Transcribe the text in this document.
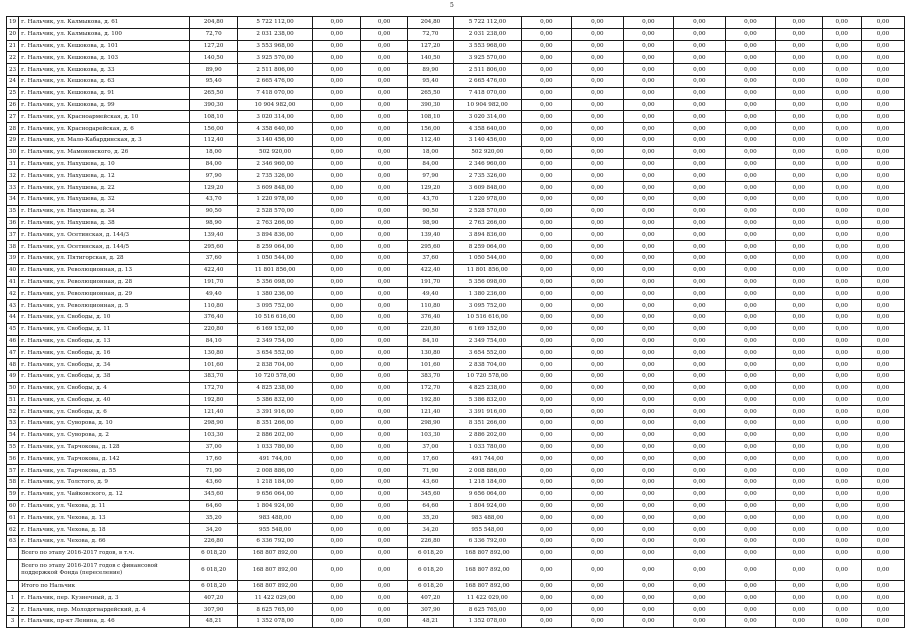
5
19	г. Нальчик, ул. Калмыкова, д. 61	204,80	5 722 112,00	0,00	0,00	204,80	5 722 112,00	0,00	0,00	0,00	0,00	0,00	0,00	0,00	0,00
20	г. Нальчик, ул. Калмыкова, д. 100	72,70	2 031 238,00	0,00	0,00	72,70	2 031 238,00	0,00	0,00	0,00	0,00	0,00	0,00	0,00	0,00
21	г. Нальчик, ул. Кешокова, д. 101	127,20	3 553 968,00	0,00	0,00	127,20	3 553 968,00	0,00	0,00	0,00	0,00	0,00	0,00	0,00	0,00
22	г. Нальчик, ул. Кешокова, д. 103	140,50	3 925 570,00	0,00	0,00	140,50	3 925 570,00	0,00	0,00	0,00	0,00	0,00	0,00	0,00	0,00
23	г. Нальчик, ул. Кешокова, д. 33	89,90	2 511 806,00	0,00	0,00	89,90	2 511 806,00	0,00	0,00	0,00	0,00	0,00	0,00	0,00	0,00
24	г. Нальчик, ул. Кешокова, д. 63	95,40	2 665 476,00	0,00	0,00	95,40	2 665 476,00	0,00	0,00	0,00	0,00	0,00	0,00	0,00	0,00
25	г. Нальчик, ул. Кешокова, д. 91	265,50	7 418 070,00	0,00	0,00	265,50	7 418 070,00	0,00	0,00	0,00	0,00	0,00	0,00	0,00	0,00
26	г. Нальчик, ул. Кешокова, д. 99	390,30	10 904 982,00	0,00	0,00	390,30	10 904 982,00	0,00	0,00	0,00	0,00	0,00	0,00	0,00	0,00
27	г. Нальчик, ул. Красноармейская, д. 10	108,10	3 020 314,00	0,00	0,00	108,10	3 020 314,00	0,00	0,00	0,00	0,00	0,00	0,00	0,00	0,00
28	г. Нальчик, ул. Краснодарейская, д. 6	156,00	4 358 640,00	0,00	0,00	156,00	4 358 640,00	0,00	0,00	0,00	0,00	0,00	0,00	0,00	0,00
29	г. Нальчик, ул. Мало-Кабардинская, д. 3	112,40	3 140 456,00	0,00	0,00	112,40	3 140 456,00	0,00	0,00	0,00	0,00	0,00	0,00	0,00	0,00
30	г. Нальчик, ул. Мамоновского, д. 26	18,00	502 920,00	0,00	0,00	18,00	502 920,00	0,00	0,00	0,00	0,00	0,00	0,00	0,00	0,00
31	г. Нальчик, ул. Нахушева, д. 10	84,00	2 346 960,00	0,00	0,00	84,00	2 346 960,00	0,00	0,00	0,00	0,00	0,00	0,00	0,00	0,00
32	г. Нальчик, ул. Нахушева, д. 12	97,90	2 735 326,00	0,00	0,00	97,90	2 735 326,00	0,00	0,00	0,00	0,00	0,00	0,00	0,00	0,00
33	г. Нальчик, ул. Нахушева, д. 22	129,20	3 609 848,00	0,00	0,00	129,20	3 609 848,00	0,00	0,00	0,00	0,00	0,00	0,00	0,00	0,00
34	г. Нальчик, ул. Нахушева, д. 32	43,70	1 220 978,00	0,00	0,00	43,70	1 220 978,00	0,00	0,00	0,00	0,00	0,00	0,00	0,00	0,00
35	г. Нальчик, ул. Нахушева, д. 34	90,50	2 528 570,00	0,00	0,00	90,50	2 528 570,00	0,00	0,00	0,00	0,00	0,00	0,00	0,00	0,00
36	г. Нальчик, ул. Нахушева, д. 38	98,90	2 763 266,00	0,00	0,00	98,90	2 763 266,00	0,00	0,00	0,00	0,00	0,00	0,00	0,00	0,00
37	г. Нальчик, ул. Осетинская, д. 144/3	139,40	3 894 836,00	0,00	0,00	139,40	3 894 836,00	0,00	0,00	0,00	0,00	0,00	0,00	0,00	0,00
38	г. Нальчик, ул. Осетинская, д. 144/5	295,60	8 259 064,00	0,00	0,00	295,60	8 259 064,00	0,00	0,00	0,00	0,00	0,00	0,00	0,00	0,00
39	г. Нальчик, ул. Пятигорская, д. 28	37,60	1 050 544,00	0,00	0,00	37,60	1 050 544,00	0,00	0,00	0,00	0,00	0,00	0,00	0,00	0,00
40	г. Нальчик, ул. Революционная, д. 13	422,40	11 801 856,00	0,00	0,00	422,40	11 801 856,00	0,00	0,00	0,00	0,00	0,00	0,00	0,00	0,00
41	г. Нальчик, ул. Революционная, д. 28	191,70	5 356 098,00	0,00	0,00	191,70	5 356 098,00	0,00	0,00	0,00	0,00	0,00	0,00	0,00	0,00
42	г. Нальчик, ул. Революционная, д. 29	49,40	1 380 236,00	0,00	0,00	49,40	1 380 236,00	0,00	0,00	0,00	0,00	0,00	0,00	0,00	0,00
43	г. Нальчик, ул. Революционная, д. 5	110,80	3 095 752,00	0,00	0,00	110,80	3 095 752,00	0,00	0,00	0,00	0,00	0,00	0,00	0,00	0,00
44	г. Нальчик, ул. Свободы, д. 10	376,40	10 516 616,00	0,00	0,00	376,40	10 516 616,00	0,00	0,00	0,00	0,00	0,00	0,00	0,00	0,00
45	г. Нальчик, ул. Свободы, д. 11	220,80	6 169 152,00	0,00	0,00	220,80	6 169 152,00	0,00	0,00	0,00	0,00	0,00	0,00	0,00	0,00
46	г. Нальчик, ул. Свободы, д. 13	84,10	2 349 754,00	0,00	0,00	84,10	2 349 754,00	0,00	0,00	0,00	0,00	0,00	0,00	0,00	0,00
47	г. Нальчик, ул. Свободы, д. 16	130,80	3 654 552,00	0,00	0,00	130,80	3 654 552,00	0,00	0,00	0,00	0,00	0,00	0,00	0,00	0,00
48	г. Нальчик, ул. Свободы, д. 34	101,60	2 838 704,00	0,00	0,00	101,60	2 838 704,00	0,00	0,00	0,00	0,00	0,00	0,00	0,00	0,00
49	г. Нальчик, ул. Свободы, д. 38	383,70	10 720 578,00	0,00	0,00	383,70	10 720 578,00	0,00	0,00	0,00	0,00	0,00	0,00	0,00	0,00
50	г. Нальчик, ул. Свободы, д. 4	172,70	4 825 238,00	0,00	0,00	172,70	4 825 238,00	0,00	0,00	0,00	0,00	0,00	0,00	0,00	0,00
51	г. Нальчик, ул. Свободы, д. 40	192,80	5 386 832,00	0,00	0,00	192,80	5 386 832,00	0,00	0,00	0,00	0,00	0,00	0,00	0,00	0,00
52	г. Нальчик, ул. Свободы, д. 6	121,40	3 391 916,00	0,00	0,00	121,40	3 391 916,00	0,00	0,00	0,00	0,00	0,00	0,00	0,00	0,00
53	г. Нальчик, ул. Суворова, д. 10	298,90	8 351 266,00	0,00	0,00	298,90	8 351 266,00	0,00	0,00	0,00	0,00	0,00	0,00	0,00	0,00
54	г. Нальчик, ул. Суворова, д. 2	103,30	2 886 202,00	0,00	0,00	103,30	2 886 202,00	0,00	0,00	0,00	0,00	0,00	0,00	0,00	0,00
55	г. Нальчик, ул. Тарчокова, д. 128	37,00	1 033 780,00	0,00	0,00	37,00	1 033 780,00	0,00	0,00	0,00	0,00	0,00	0,00	0,00	0,00
56	г. Нальчик, ул. Тарчокова, д. 142	17,60	491 744,00	0,00	0,00	17,60	491 744,00	0,00	0,00	0,00	0,00	0,00	0,00	0,00	0,00
57	г. Нальчик, ул. Тарчокова, д. 55	71,90	2 008 886,00	0,00	0,00	71,90	2 008 886,00	0,00	0,00	0,00	0,00	0,00	0,00	0,00	0,00
58	г. Нальчик, ул. Толстого, д. 9	43,60	1 218 184,00	0,00	0,00	43,60	1 218 184,00	0,00	0,00	0,00	0,00	0,00	0,00	0,00	0,00
59	г. Нальчик, ул. Чайковского, д. 12	345,60	9 656 064,00	0,00	0,00	345,60	9 656 064,00	0,00	0,00	0,00	0,00	0,00	0,00	0,00	0,00
60	г. Нальчик, ул. Чехова, д. 11	64,60	1 804 924,00	0,00	0,00	64,60	1 804 924,00	0,00	0,00	0,00	0,00	0,00	0,00	0,00	0,00
61	г. Нальчик, ул. Чехова, д. 13	35,20	983 488,00	0,00	0,00	35,20	983 488,00	0,00	0,00	0,00	0,00	0,00	0,00	0,00	0,00
62	г. Нальчик, ул. Чехова, д. 18	34,20	955 548,00	0,00	0,00	34,20	955 548,00	0,00	0,00	0,00	0,00	0,00	0,00	0,00	0,00
63	г. Нальчик, ул. Чехова, д. 66	226,80	6 336 792,00	0,00	0,00	226,80	6 336 792,00	0,00	0,00	0,00	0,00	0,00	0,00	0,00	0,00
	Всего по этапу 2016-2017 годов, в т.ч.	6 018,20	168 807 892,00	0,00	0,00	6 018,20	168 807 892,00	0,00	0,00	0,00	0,00	0,00	0,00	0,00	0,00
	Всего по этапу 2016-2017 годов с финансовой поддержкой Фонда (переселение)	6 018,20	168 807 892,00	0,00	0,00	6 018,20	168 807 892,00	0,00	0,00	0,00	0,00	0,00	0,00	0,00	0,00
	Итого по Нальчик	6 018,20	168 807 892,00	0,00	0,00	6 018,20	168 807 892,00	0,00	0,00	0,00	0,00	0,00	0,00	0,00	0,00
1	г. Нальчик, пер. Кузнечный, д. 3	407,20	11 422 029,00	0,00	0,00	407,20	11 422 029,00	0,00	0,00	0,00	0,00	0,00	0,00	0,00	0,00
2	г. Нальчик, пер. Молодогвардейский, д. 4	307,90	8 625 765,00	0,00	0,00	307,90	8 625 765,00	0,00	0,00	0,00	0,00	0,00	0,00	0,00	0,00
3	г. Нальчик, пр-кт Ленина, д. 46	48,21	1 352 078,00	0,00	0,00	48,21	1 352 078,00	0,00	0,00	0,00	0,00	0,00	0,00	0,00	0,00
